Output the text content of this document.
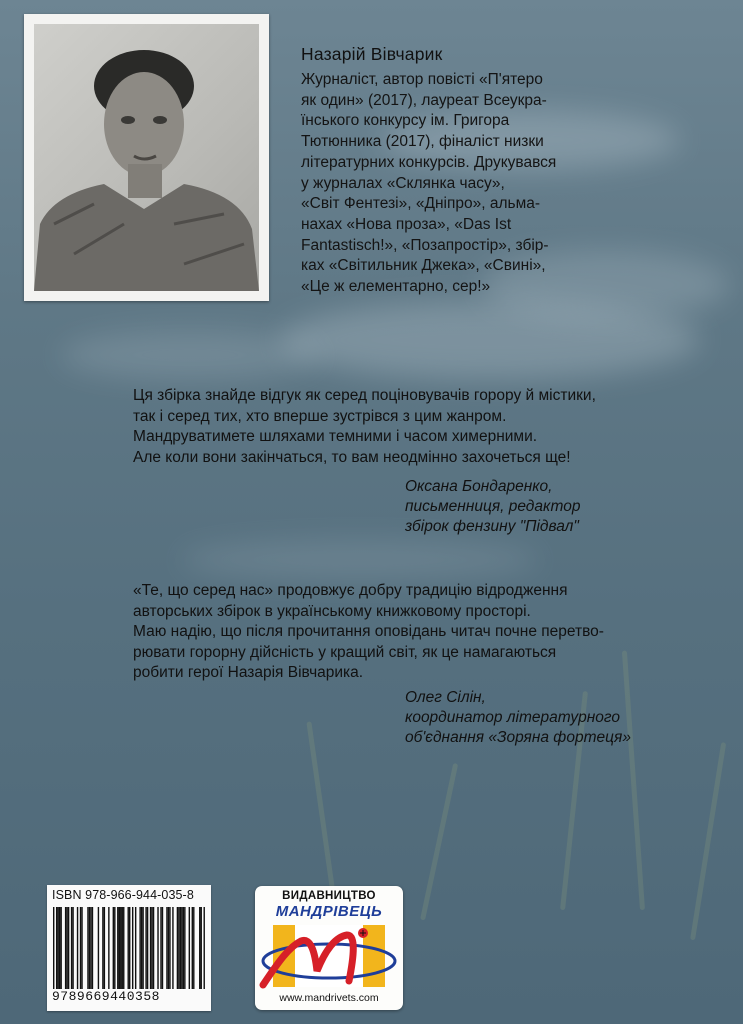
Назарій Вівчарик
Журналіст, автор повісті «П'ятеро
як один» (2017), лауреат Всеукра-
їнського конкурсу ім. Григора
Тютюнника (2017), фіналіст низки
літературних конкурсів. Друкувався
у журналах «Склянка часу»,
«Світ Фентезі», «Дніпро», альма-
нахах «Нова проза», «Das Ist
Fantastisch!», «Позапростір», збір-
ках «Світильник Джека», «Свині»,
«Це ж елементарно, сер!»
Ця збірка знайде відгук як серед поціновувачів горору й містики,
так і серед тих, хто вперше зустрівся з цим жанром.
Мандруватимете шляхами темними і часом химерними.
Але коли вони закінчаться, то вам неодмінно захочеться ще!
Оксана Бондаренко,
письменниця, редактор
збірок фензину "Підвал"
«Те, що серед нас» продовжує добру традицію відродження
авторських збірок в українському книжковому просторі.
Маю надію, що після прочитання оповідань читач почне перетво-
рювати горорну дійсність у кращий світ, як це намагаються
робити герої Назарія Вівчарика.
Олег Сілін,
координатор літературного
об'єднання «Зоряна фортеця»
ISBN 978-966-944-035-8
9789669440358
ВИДАВНИЦТВО
МАНДРІВЕЦЬ
www.mandrivets.com
